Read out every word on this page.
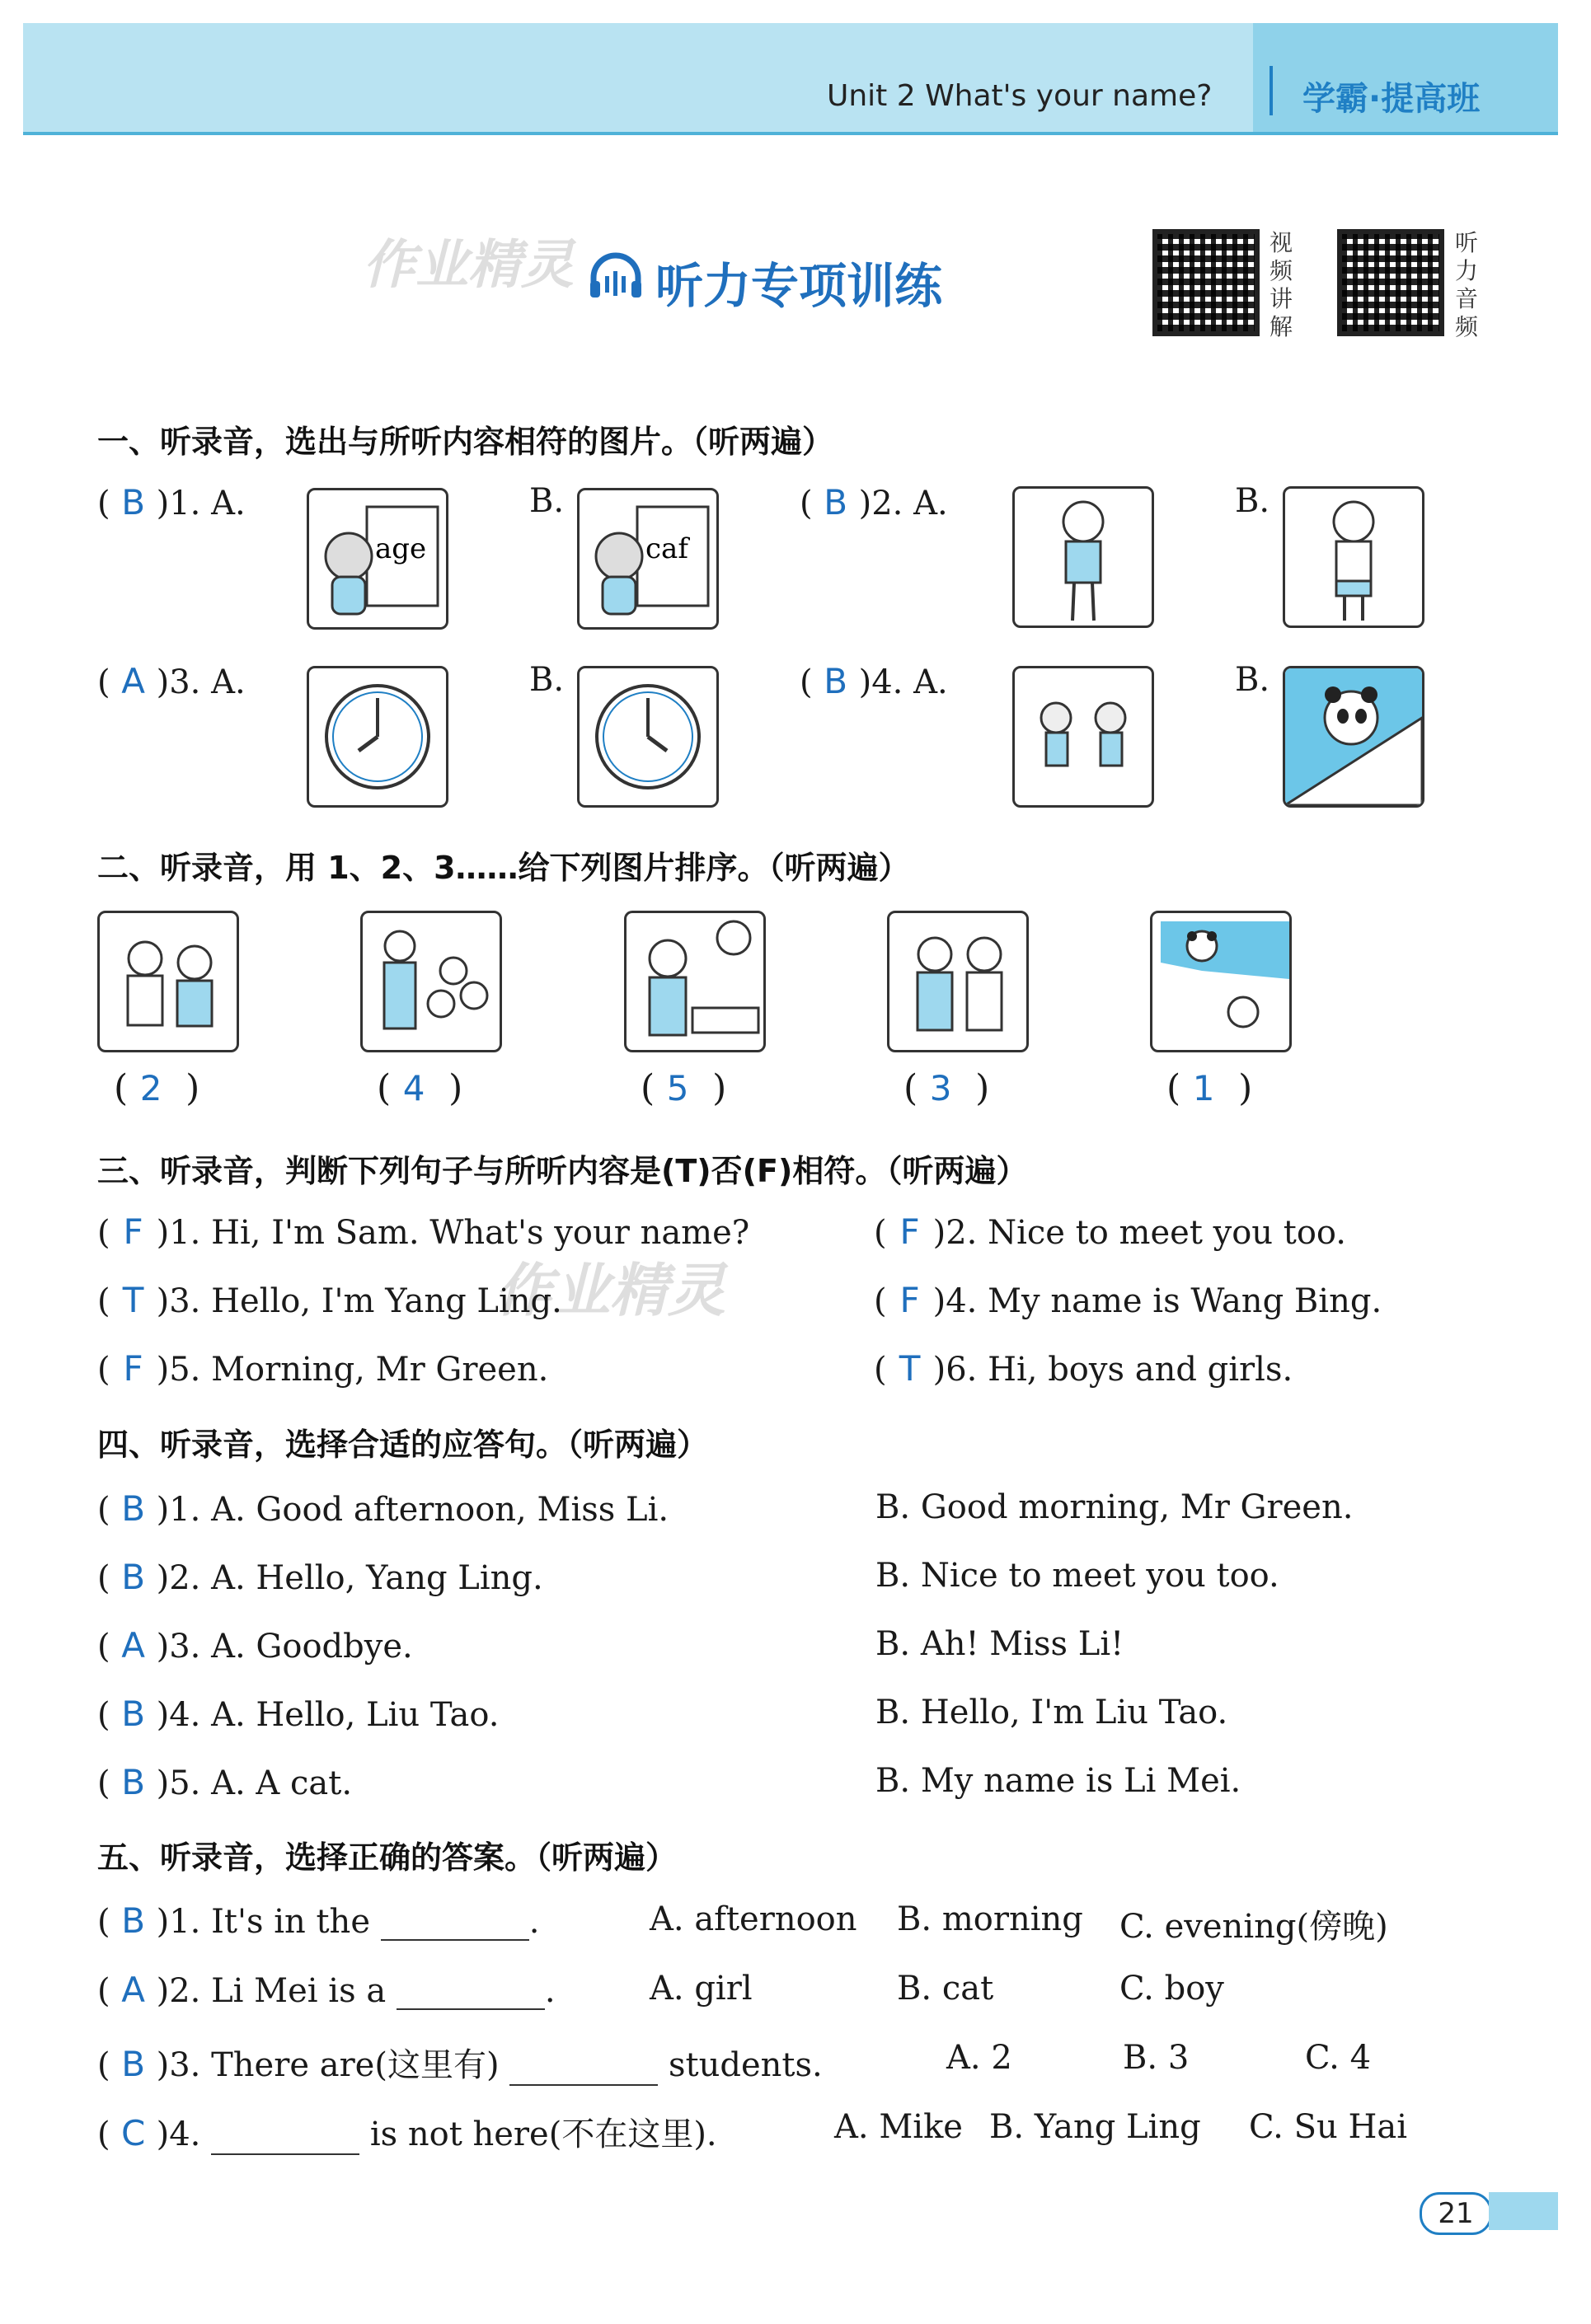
Unit 2 What's your name?	学霸·提高班
作业精灵 听力专项训练
视频讲解
听力音频
一、听录音，选出与所听内容相符的图片。（听两遍）
( B )1. A.
age
B.
caf
( B )2. A.	B.
( A )3. A.	B.	( B )4. A.	B.
二、听录音，用 1、2、3……给下列图片排序。（听两遍）
( 2 )	( 4 )	( 5 )	( 3 )	( 1 )
三、听录音，判断下列句子与所听内容是(T)否(F)相符。（听两遍）
作业精灵
( F )1. Hi, I'm Sam. What's your name?	( F )2. Nice to meet you too.
( T )3. Hello, I'm Yang Ling.	( F )4. My name is Wang Bing.
( F )5. Morning, Mr Green.	( T )6. Hi, boys and girls.
四、听录音，选择合适的应答句。（听两遍）
( B )1. A. Good afternoon, Miss Li.	B. Good morning, Mr Green.
( B )2. A. Hello, Yang Ling.	B. Nice to meet you too.
( A )3. A. Goodbye.	B. Ah! Miss Li!
( B )4. A. Hello, Liu Tao.	B. Hello, I'm Liu Tao.
( B )5. A. A cat.	B. My name is Li Mei.
五、听录音，选择正确的答案。（听两遍）
( B )1. It's in the	.	A. afternoon B. morning C. evening(傍晚)
( A )2. Li Mei is a	.	A. girl	B. cat	C. boy
( B )3. There are(这里有)	students.	A. 2	B. 3	C. 4
( C )4.	is not here(不在这里).	A. Mike B. Yang Ling C. Su Hai
21
